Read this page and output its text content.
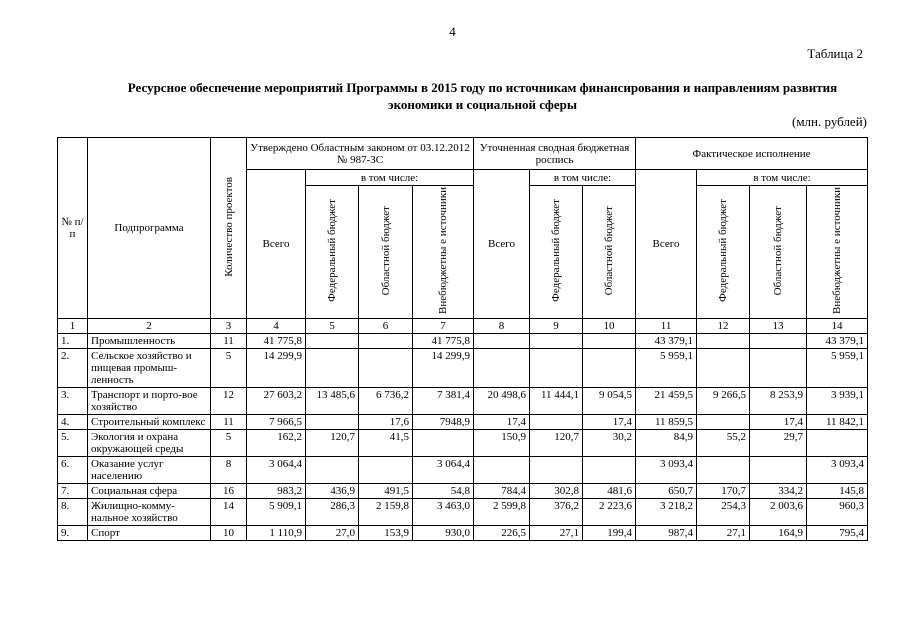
4
Таблица 2
Ресурсное обеспечение мероприятий Программы в 2015 году по источникам финансирования и направлениям развития экономики и социальной сферы
(млн. рублей)
№ п/п	Подпрограмма	Количество проектов	Утверждено Областным законом от 03.12.2012 № 987-ЗС				Уточненная сводная бюджетная роспись			Фактическое исполнение			
			Всего	в том числе:			Всего	в том числе:		Всего	в том числе:		
				Федеральный бюджет	Областной бюджет	Внебюджетны е источники		Федеральный бюджет	Областной бюджет		Федеральный бюджет	Областной бюджет	Внебюджетны е источники
1	2	3	4	5	6	7	8	9	10	11	12	13	14
1.	Промышленность	11	41 775,8			41 775,8				43 379,1			43 379,1
2.	Сельское хозяйство и пищевая промыш-ленность	5	14 299,9			14 299,9				5 959,1			5 959,1
3.	Транспорт и порто-вое хозяйство	12	27 603,2	13 485,6	6 736,2	7 381,4	20 498,6	11 444,1	9 054,5	21 459,5	9 266,5	8 253,9	3 939,1
4.	Строительный комплекс	11	7 966,5		17,6	7948,9	17,4		17,4	11 859,5		17,4	11 842,1
5.	Экология и охрана окружающей среды	5	162,2	120,7	41,5		150,9	120,7	30,2	84,9	55,2	29,7	
6.	Оказание услуг населению	8	3 064,4			3 064,4				3 093,4			3 093,4
7.	Социальная сфера	16	983,2	436,9	491,5	54,8	784,4	302,8	481,6	650,7	170,7	334,2	145,8
8.	Жилищно-комму-нальное хозяйство	14	5 909,1	286,3	2 159,8	3 463,0	2 599,8	376,2	2 223,6	3 218,2	254,3	2 003,6	960,3
9.	Спорт	10	1 110,9	27,0	153,9	930,0	226,5	27,1	199,4	987,4	27,1	164,9	795,4
